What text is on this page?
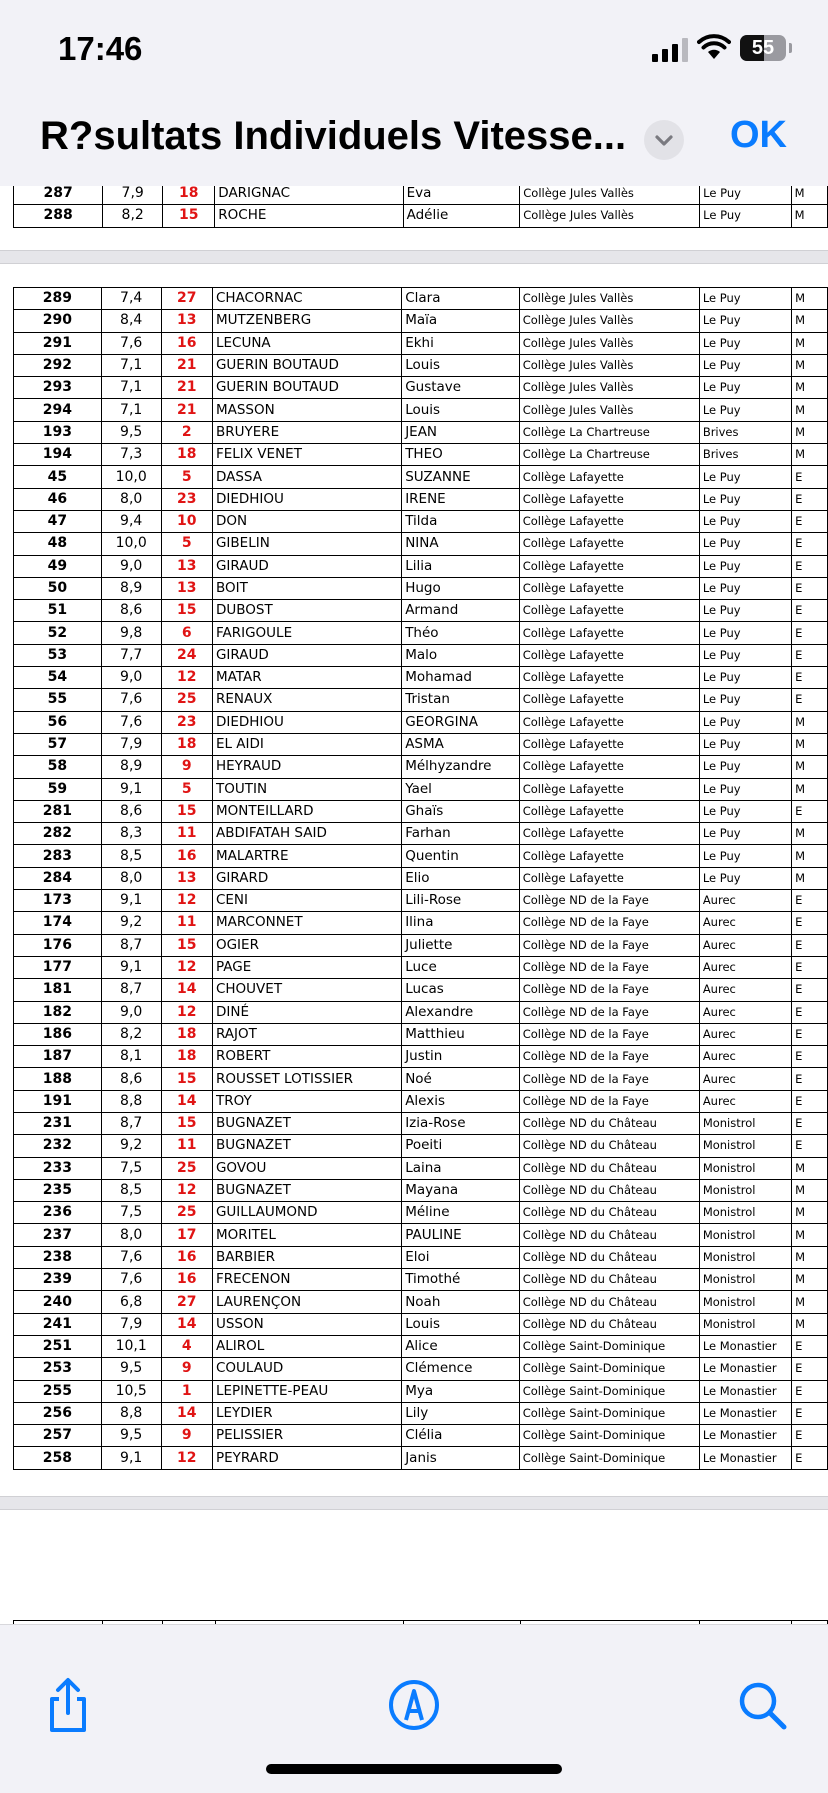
17:46	55
R?sultats Individuels Vitesse...	OK
287	7,9	18	DARIGNAC	Eva	Collège Jules Vallès	Le Puy	M
288	8,2	15	ROCHE	Adélie	Collège Jules Vallès	Le Puy	M
289	7,4	27	CHACORNAC	Clara	Collège Jules Vallès	Le Puy	M
290	8,4	13	MUTZENBERG	Maïa	Collège Jules Vallès	Le Puy	M
291	7,6	16	LECUNA	Ekhi	Collège Jules Vallès	Le Puy	M
292	7,1	21	GUERIN BOUTAUD	Louis	Collège Jules Vallès	Le Puy	M
293	7,1	21	GUERIN BOUTAUD	Gustave	Collège Jules Vallès	Le Puy	M
294	7,1	21	MASSON	Louis	Collège Jules Vallès	Le Puy	M
193	9,5	2	BRUYERE	JEAN	Collège La Chartreuse	Brives	M
194	7,3	18	FELIX VENET	THEO	Collège La Chartreuse	Brives	M
45	10,0	5	DASSA	SUZANNE	Collège Lafayette	Le Puy	E
46	8,0	23	DIEDHIOU	IRENE	Collège Lafayette	Le Puy	E
47	9,4	10	DON	Tilda	Collège Lafayette	Le Puy	E
48	10,0	5	GIBELIN	NINA	Collège Lafayette	Le Puy	E
49	9,0	13	GIRAUD	Lilia	Collège Lafayette	Le Puy	E
50	8,9	13	BOIT	Hugo	Collège Lafayette	Le Puy	E
51	8,6	15	DUBOST	Armand	Collège Lafayette	Le Puy	E
52	9,8	6	FARIGOULE	Théo	Collège Lafayette	Le Puy	E
53	7,7	24	GIRAUD	Malo	Collège Lafayette	Le Puy	E
54	9,0	12	MATAR	Mohamad	Collège Lafayette	Le Puy	E
55	7,6	25	RENAUX	Tristan	Collège Lafayette	Le Puy	E
56	7,6	23	DIEDHIOU	GEORGINA	Collège Lafayette	Le Puy	M
57	7,9	18	EL AIDI	ASMA	Collège Lafayette	Le Puy	M
58	8,9	9	HEYRAUD	Mélhyzandre	Collège Lafayette	Le Puy	M
59	9,1	5	TOUTIN	Yael	Collège Lafayette	Le Puy	M
281	8,6	15	MONTEILLARD	Ghaïs	Collège Lafayette	Le Puy	E
282	8,3	11	ABDIFATAH SAID	Farhan	Collège Lafayette	Le Puy	M
283	8,5	16	MALARTRE	Quentin	Collège Lafayette	Le Puy	M
284	8,0	13	GIRARD	Elio	Collège Lafayette	Le Puy	M
173	9,1	12	CENI	Lili-Rose	Collège ND de la Faye	Aurec	E
174	9,2	11	MARCONNET	Ilina	Collège ND de la Faye	Aurec	E
176	8,7	15	OGIER	Juliette	Collège ND de la Faye	Aurec	E
177	9,1	12	PAGE	Luce	Collège ND de la Faye	Aurec	E
181	8,7	14	CHOUVET	Lucas	Collège ND de la Faye	Aurec	E
182	9,0	12	DINÉ	Alexandre	Collège ND de la Faye	Aurec	E
186	8,2	18	RAJOT	Matthieu	Collège ND de la Faye	Aurec	E
187	8,1	18	ROBERT	Justin	Collège ND de la Faye	Aurec	E
188	8,6	15	ROUSSET LOTISSIER	Noé	Collège ND de la Faye	Aurec	E
191	8,8	14	TROY	Alexis	Collège ND de la Faye	Aurec	E
231	8,7	15	BUGNAZET	Izia-Rose	Collège ND du Château	Monistrol	E
232	9,2	11	BUGNAZET	Poeiti	Collège ND du Château	Monistrol	E
233	7,5	25	GOVOU	Laina	Collège ND du Château	Monistrol	M
235	8,5	12	BUGNAZET	Mayana	Collège ND du Château	Monistrol	M
236	7,5	25	GUILLAUMOND	Méline	Collège ND du Château	Monistrol	M
237	8,0	17	MORITEL	PAULINE	Collège ND du Château	Monistrol	M
238	7,6	16	BARBIER	Eloi	Collège ND du Château	Monistrol	M
239	7,6	16	FRECENON	Timothé	Collège ND du Château	Monistrol	M
240	6,8	27	LAURENÇON	Noah	Collège ND du Château	Monistrol	M
241	7,9	14	USSON	Louis	Collège ND du Château	Monistrol	M
251	10,1	4	ALIROL	Alice	Collège Saint-Dominique	Le Monastier	E
253	9,5	9	COULAUD	Clémence	Collège Saint-Dominique	Le Monastier	E
255	10,5	1	LEPINETTE-PEAU	Mya	Collège Saint-Dominique	Le Monastier	E
256	8,8	14	LEYDIER	Lily	Collège Saint-Dominique	Le Monastier	E
257	9,5	9	PELISSIER	Clélia	Collège Saint-Dominique	Le Monastier	E
258	9,1	12	PEYRARD	Janis	Collège Saint-Dominique	Le Monastier	E
